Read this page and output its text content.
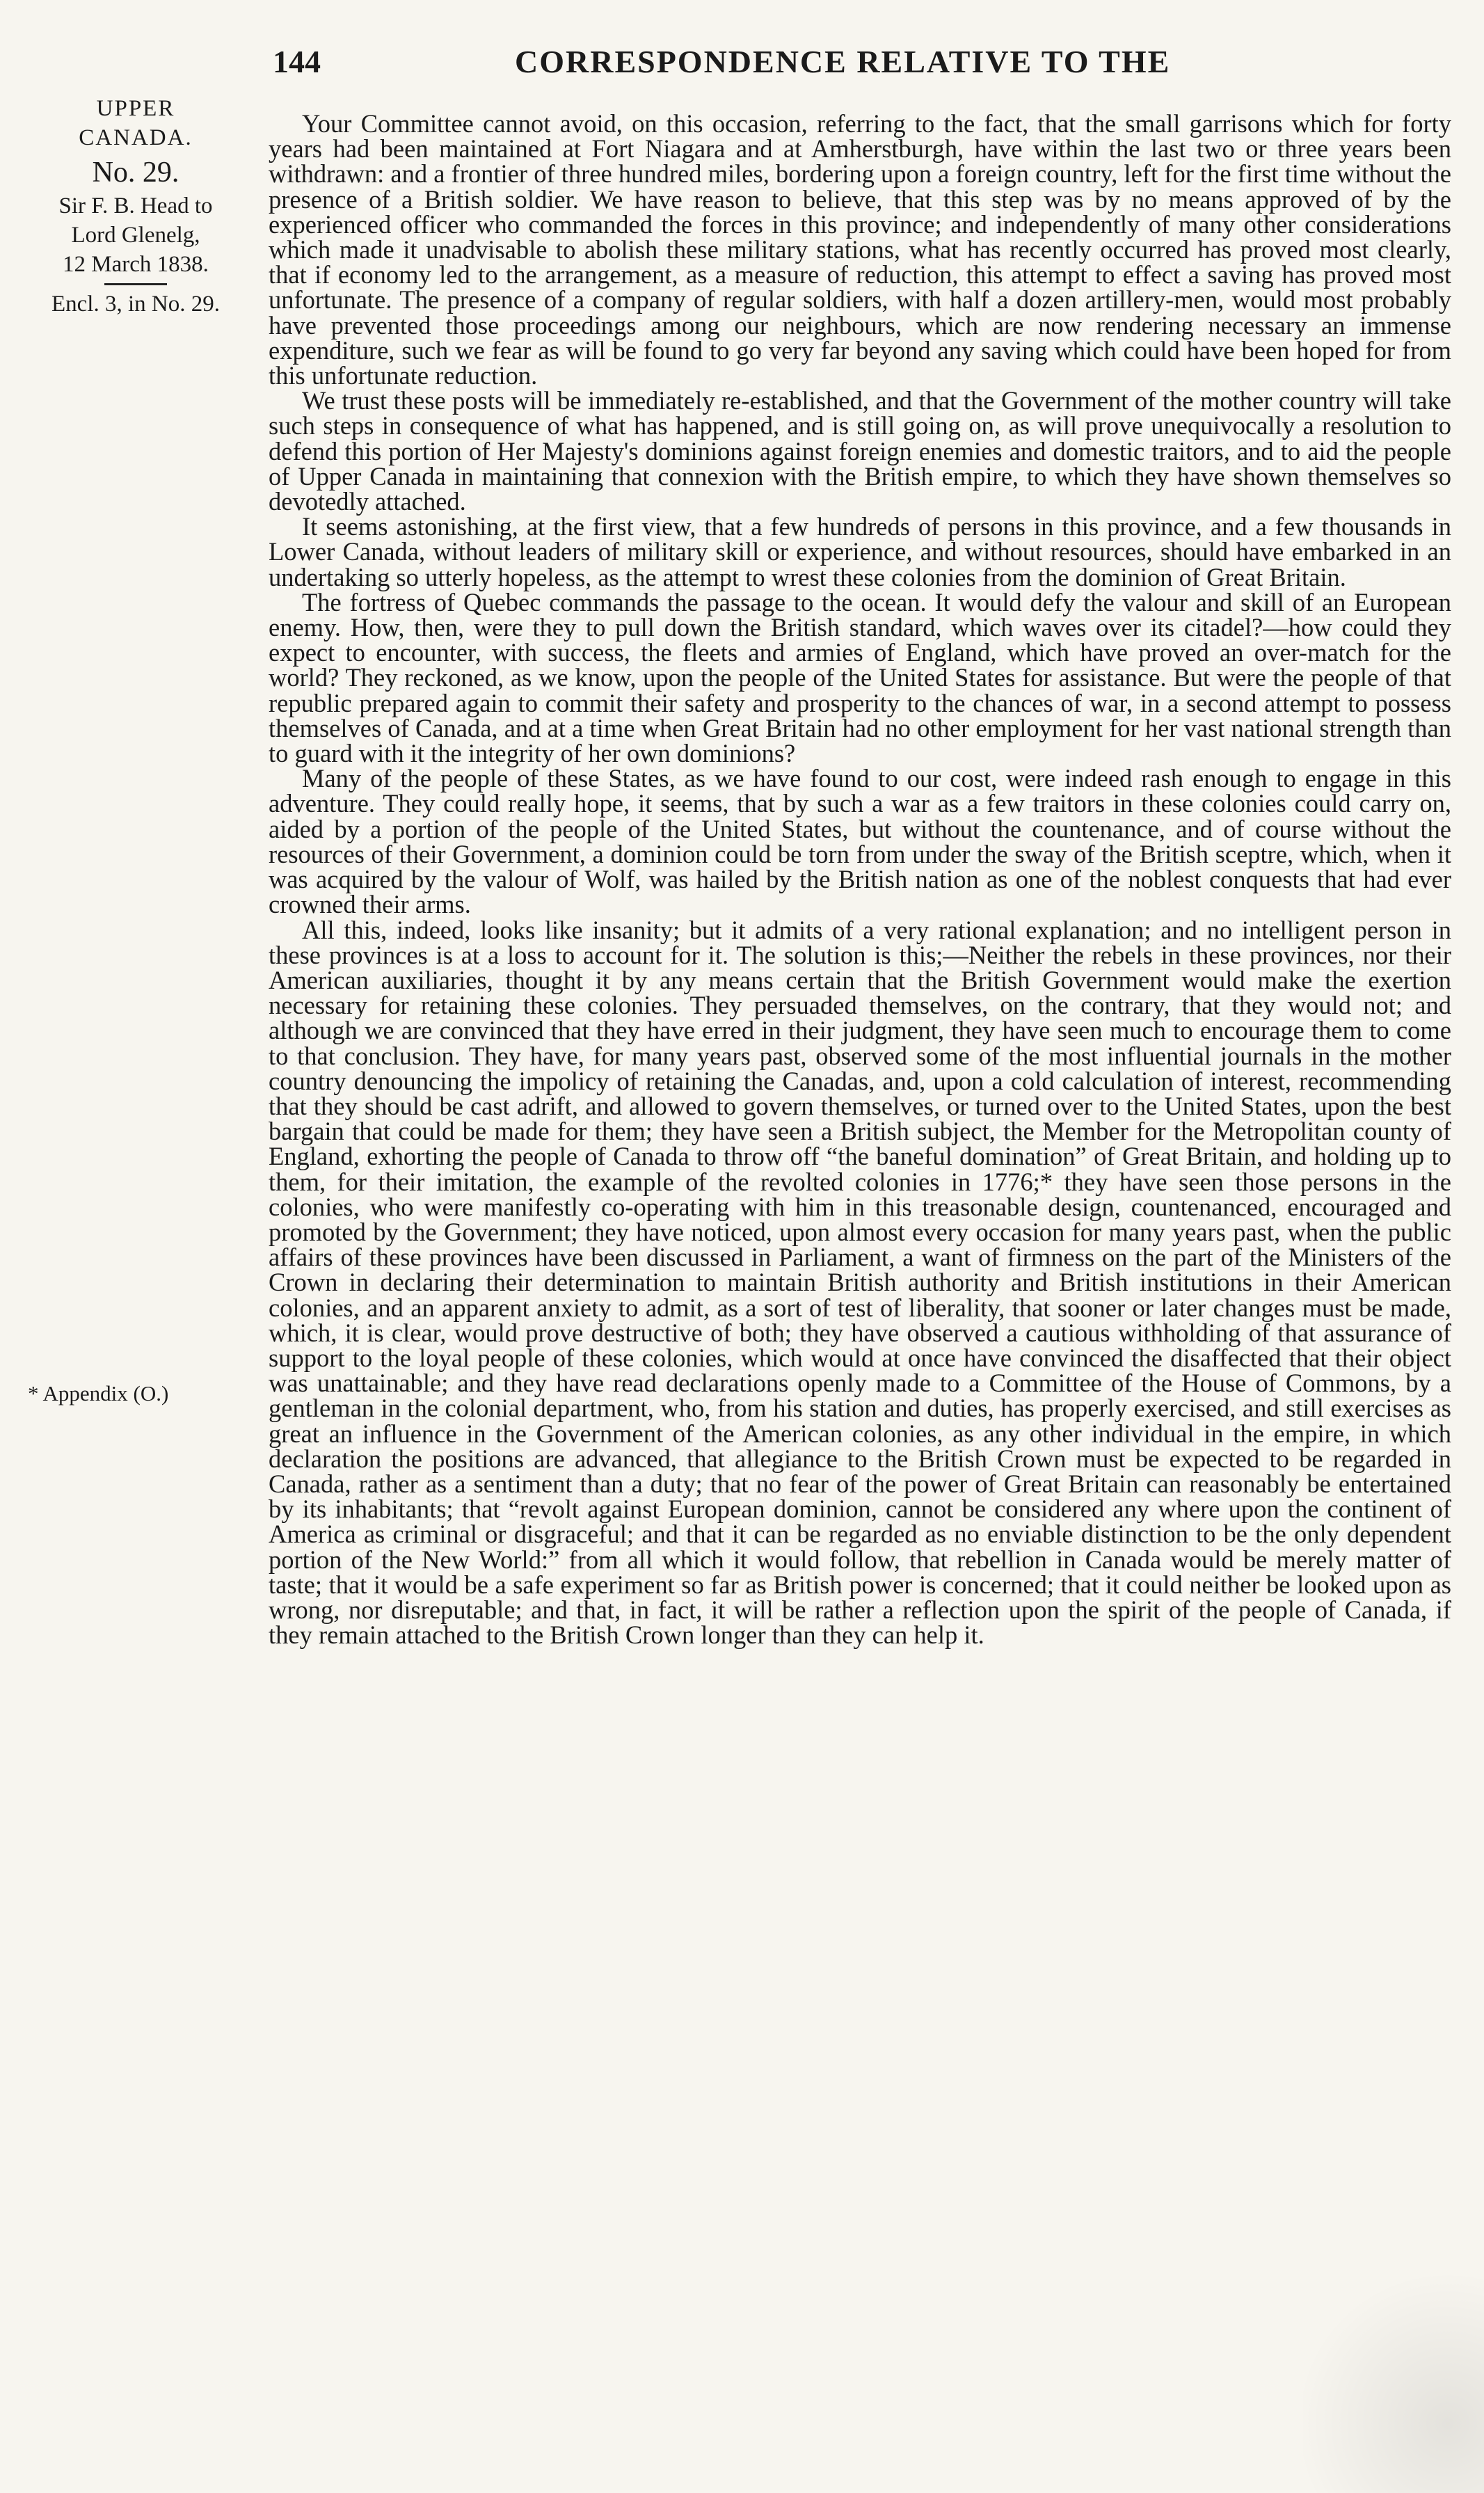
144	CORRESPONDENCE RELATIVE TO THE
UPPER
CANADA.
No. 29.
Sir F. B. Head to
Lord Glenelg,
12 March 1838.
Encl. 3, in No. 29.
* Appendix (O.)

Your Committee cannot avoid, on this occasion, referring to the fact, that the small garrisons which for forty years had been maintained at Fort Niagara and at Amherstburgh, have within the last two or three years been withdrawn: and a frontier of three hundred miles, bordering upon a foreign country, left for the first time without the presence of a British soldier. We have reason to believe, that this step was by no means approved of by the experienced officer who commanded the forces in this province; and independently of many other considerations which made it unadvisable to abolish these military stations, what has recently occurred has proved most clearly, that if economy led to the arrangement, as a measure of reduction, this attempt to effect a saving has proved most unfortunate. The presence of a company of regular soldiers, with half a dozen artillery-men, would most probably have prevented those proceedings among our neighbours, which are now rendering necessary an immense expenditure, such we fear as will be found to go very far beyond any saving which could have been hoped for from this unfortunate reduction.

We trust these posts will be immediately re-established, and that the Government of the mother country will take such steps in consequence of what has happened, and is still going on, as will prove unequivocally a resolution to defend this portion of Her Majesty's dominions against foreign enemies and domestic traitors, and to aid the people of Upper Canada in maintaining that connexion with the British empire, to which they have shown themselves so devotedly attached.

It seems astonishing, at the first view, that a few hundreds of persons in this province, and a few thousands in Lower Canada, without leaders of military skill or experience, and without resources, should have embarked in an undertaking so utterly hopeless, as the attempt to wrest these colonies from the dominion of Great Britain.

The fortress of Quebec commands the passage to the ocean. It would defy the valour and skill of an European enemy. How, then, were they to pull down the British standard, which waves over its citadel?—how could they expect to encounter, with success, the fleets and armies of England, which have proved an over-match for the world? They reckoned, as we know, upon the people of the United States for assistance. But were the people of that republic prepared again to commit their safety and prosperity to the chances of war, in a second attempt to possess themselves of Canada, and at a time when Great Britain had no other employment for her vast national strength than to guard with it the integrity of her own dominions?

Many of the people of these States, as we have found to our cost, were indeed rash enough to engage in this adventure. They could really hope, it seems, that by such a war as a few traitors in these colonies could carry on, aided by a portion of the people of the United States, but without the countenance, and of course without the resources of their Government, a dominion could be torn from under the sway of the British sceptre, which, when it was acquired by the valour of Wolf, was hailed by the British nation as one of the noblest conquests that had ever crowned their arms.

All this, indeed, looks like insanity; but it admits of a very rational explanation; and no intelligent person in these provinces is at a loss to account for it. The solution is this;—Neither the rebels in these provinces, nor their American auxiliaries, thought it by any means certain that the British Government would make the exertion necessary for retaining these colonies. They persuaded themselves, on the contrary, that they would not; and although we are convinced that they have erred in their judgment, they have seen much to encourage them to come to that conclusion. They have, for many years past, observed some of the most influential journals in the mother country denouncing the impolicy of retaining the Canadas, and, upon a cold calculation of interest, recommending that they should be cast adrift, and allowed to govern themselves, or turned over to the United States, upon the best bargain that could be made for them; they have seen a British subject, the Member for the Metropolitan county of England, exhorting the people of Canada to throw off “the baneful domination” of Great Britain, and holding up to them, for their imitation, the example of the revolted colonies in 1776;* they have seen those persons in the colonies, who were manifestly co-operating with him in this treasonable design, countenanced, encouraged and promoted by the Government; they have noticed, upon almost every occasion for many years past, when the public affairs of these provinces have been discussed in Parliament, a want of firmness on the part of the Ministers of the Crown in declaring their determination to maintain British authority and British institutions in their American colonies, and an apparent anxiety to admit, as a sort of test of liberality, that sooner or later changes must be made, which, it is clear, would prove destructive of both; they have observed a cautious withholding of that assurance of support to the loyal people of these colonies, which would at once have convinced the disaffected that their object was unattainable; and they have read declarations openly made to a Committee of the House of Commons, by a gentleman in the colonial department, who, from his station and duties, has properly exercised, and still exercises as great an influence in the Government of the American colonies, as any other individual in the empire, in which declaration the positions are advanced, that allegiance to the British Crown must be expected to be regarded in Canada, rather as a sentiment than a duty; that no fear of the power of Great Britain can reasonably be entertained by its inhabitants; that “revolt against European dominion, cannot be considered any where upon the continent of America as criminal or disgraceful; and that it can be regarded as no enviable distinction to be the only dependent portion of the New World:” from all which it would follow, that rebellion in Canada would be merely matter of taste; that it would be a safe experiment so far as British power is concerned; that it could neither be looked upon as wrong, nor disreputable; and that, in fact, it will be rather a reflection upon the spirit of the people of Canada, if they remain attached to the British Crown longer than they can help it.
